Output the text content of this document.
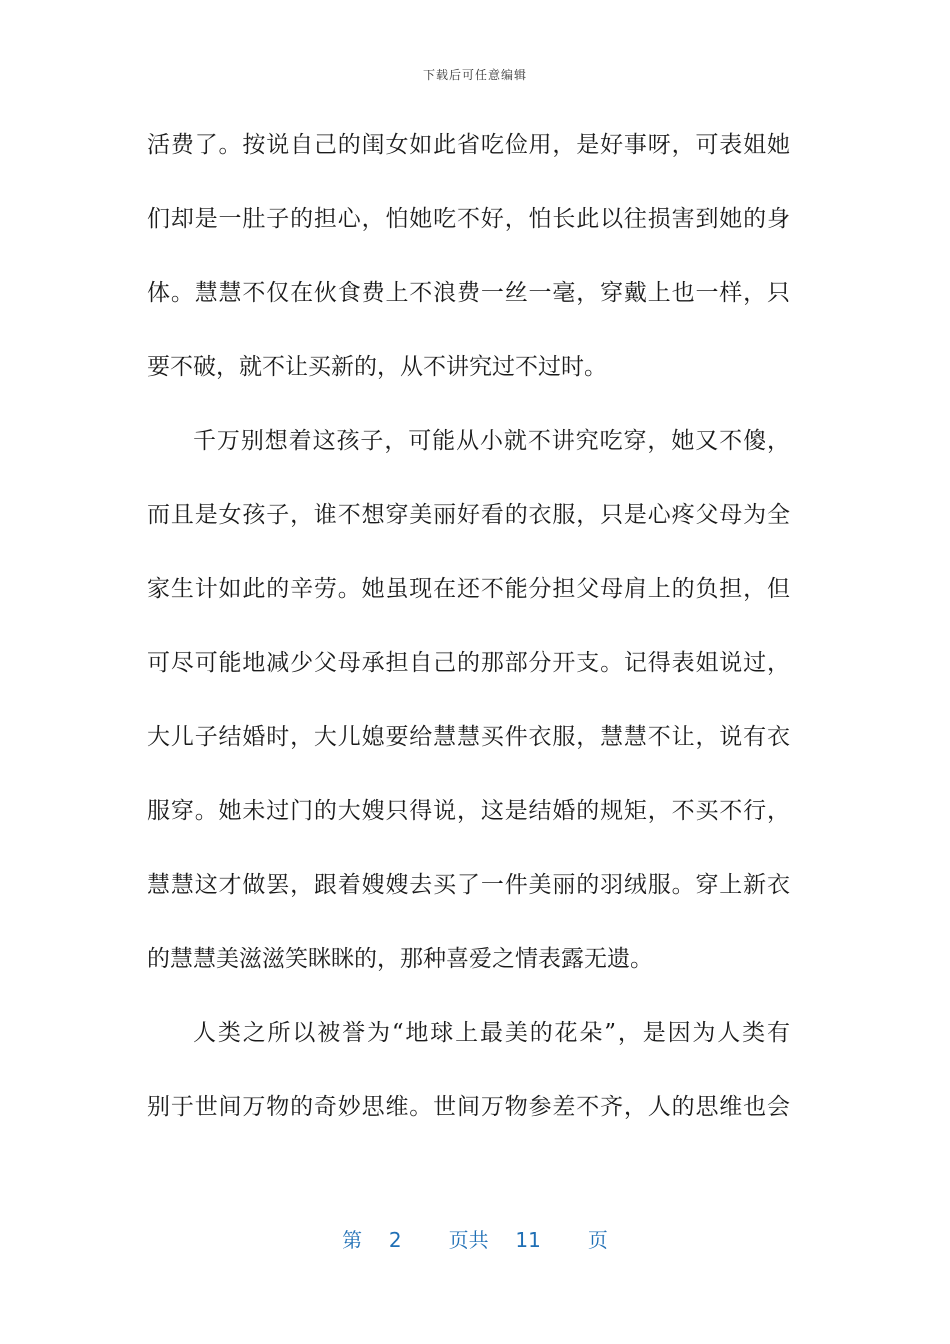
下载后可任意编辑
活费了。按说自己的闺女如此省吃俭用，是好事呀，可表姐她
们却是一肚子的担心，怕她吃不好，怕长此以往损害到她的身
体。慧慧不仅在伙食费上不浪费一丝一毫，穿戴上也一样，只
要不破，就不让买新的，从不讲究过不过时。
千万别想着这孩子，可能从小就不讲究吃穿，她又不傻，
而且是女孩子，谁不想穿美丽好看的衣服，只是心疼父母为全
家生计如此的辛劳。她虽现在还不能分担父母肩上的负担，但
可尽可能地减少父母承担自己的那部分开支。记得表姐说过，
大儿子结婚时，大儿媳要给慧慧买件衣服，慧慧不让，说有衣
服穿。她未过门的大嫂只得说，这是结婚的规矩，不买不行，
慧慧这才做罢，跟着嫂嫂去买了一件美丽的羽绒服。穿上新衣
的慧慧美滋滋笑眯眯的，那种喜爱之情表露无遗。
人类之所以被誉为“地球上最美的花朵”，是因为人类有
别于世间万物的奇妙思维。世间万物参差不齐，人的思维也会
第 2 页共 11 页
